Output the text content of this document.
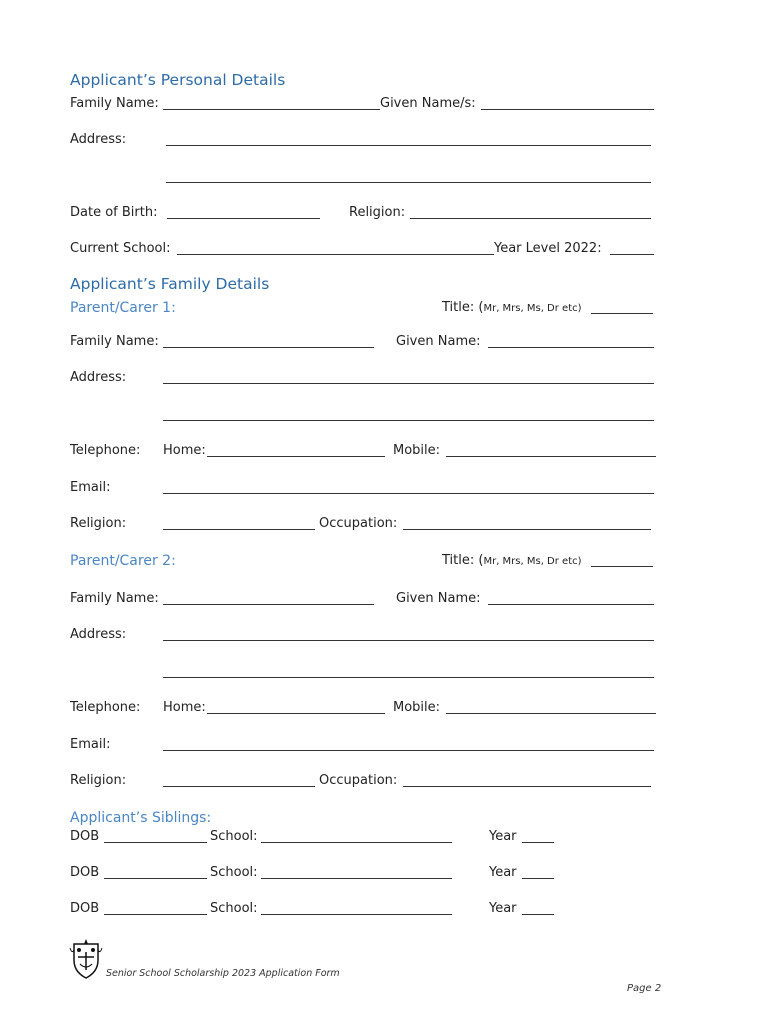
Applicant’s Personal Details
Family Name:	Given Name/s:
Address:
Date of Birth:	Religion:
Current School:	Year Level 2022:
Applicant’s Family Details
Parent/Carer 1:	Title: (Mr, Mrs, Ms, Dr etc)
Family Name:	Given Name:
Address:
Telephone: Home:	Mobile:
Email:
Religion:	Occupation:
Parent/Carer 2:	Title: (Mr, Mrs, Ms, Dr etc)
Family Name:	Given Name:
Address:
Telephone: Home:	Mobile:
Email:
Religion:	Occupation:
Applicant’s Siblings:
DOB	School:	Year
DOB	School:	Year
DOB	School:	Year
Senior School Scholarship 2023 Application Form
Page 2
